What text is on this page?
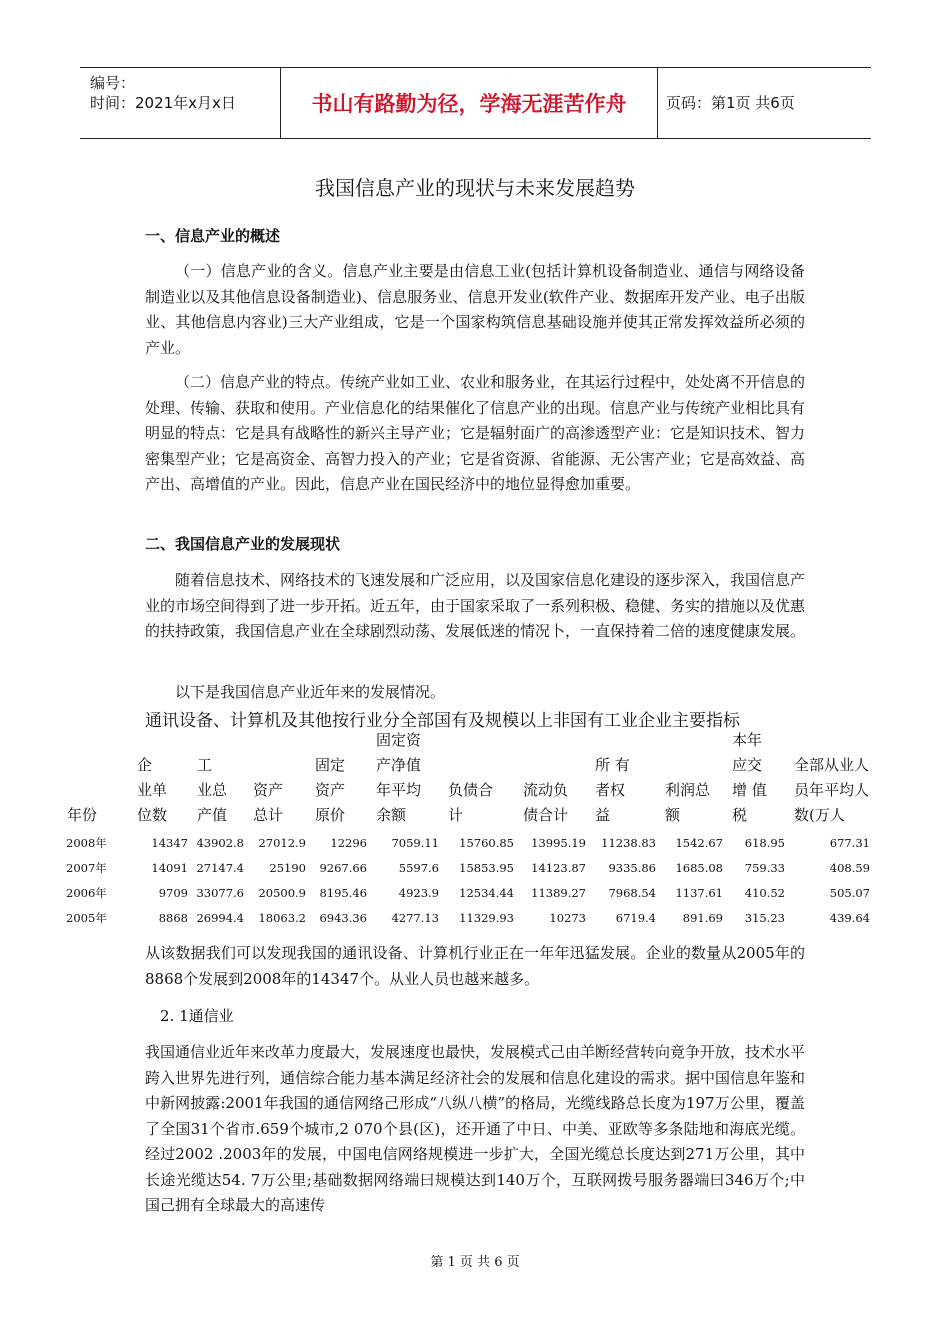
编号：
时间：2021年x月x日	书山有路勤为径，学海无涯苦作舟	页码：第1页 共6页
我国信息产业的现状与未来发展趋势
一、信息产业的概述
（一）信息产业的含义。信息产业主要是由信息工业(包括计算机设备制造业、通信与网络设备制造业以及其他信息设备制造业)、信息服务业、信息开发业(软件产业、数据库开发产业、电子出版业、其他信息内容业)三大产业组成，它是一个国家构筑信息基础设施并使其正常发挥效益所必须的产业。
（二）信息产业的特点。传统产业如工业、农业和服务业，在其运行过程中，处处离不开信息的处理、传输、获取和使用。产业信息化的结果催化了信息产业的出现。信息产业与传统产业相比具有明显的特点：它是具有战略性的新兴主导产业；它是辐射面广的高渗透型产业：它是知识技术、智力密集型产业；它是高资金、高智力投入的产业；它是省资源、省能源、无公害产业；它是高效益、高产出、高增值的产业。因此，信息产业在国民经济中的地位显得愈加重要。
二、我国信息产业的发展现状
随着信息技术、网络技术的飞速发展和广泛应用，以及国家信息化建设的逐步深入，我国信息产业的市场空间得到了进一步开拓。近五年，由于国家采取了一系列积极、稳健、务实的措施以及优惠的扶持政策，我国信息产业在全球剧烈动荡、发展低迷的情况卜，一直保持着二倍的速度健康发展。
以下是我国信息产业近年来的发展情况。
通讯设备、计算机及其他按行业分全部国有及规模以上非国有工业企业主要指标

年份	企
业单
位数	工
业总
产值	资产
总计	固定
资产
原价	固定资
产净值
年平均
余额	负债合
计	流动负
债合计	所 有
者权
益	利润总
额	本年
应交
增 值
税	全部从业人
员年平均人
数(万人
2008年	14347	43902.8	27012.9	12296	7059.11	15760.85	13995.19	11238.83	1542.67	618.95	677.31
2007年	14091	27147.4	25190	9267.66	5597.6	15853.95	14123.87	9335.86	1685.08	759.33	408.59
2006年	9709	33077.6	20500.9	8195.46	4923.9	12534.44	11389.27	7968.54	1137.61	410.52	505.07
2005年	8868	26994.4	18063.2	6943.36	4277.13	11329.93	10273	6719.4	891.69	315.23	439.64
从该数据我们可以发现我国的通讯设备、计算机行业正在一年年迅猛发展。企业的数量从2005年的8868个发展到2008年的14347个。从业人员也越来越多。
2. 1通信业
我国通信业近年来改革力度最大，发展速度也最快，发展模式己由羊断经营转向竟争开放，技术水平跨入世界先进行列，通信综合能力基本满足经济社会的发展和信息化建设的需求。据中国信息年鉴和中新网披露:2001年我国的通信网络己形成“八纵八横”的格局，光缆线路总长度为197万公里，覆盖了全国31个省市.659个城市,2 070个县(区)，还开通了中日、中美、亚欧等多条陆地和海底光缆。经过2002 .2003年的发展，中国电信网络规模进一步扩大，全国光缆总长度达到271万公里，其中长途光缆达54. 7万公里;基础数据网络端曰规模达到140万个，互联网拨号服务器端曰346万个;中国己拥有全球最大的高速传
第 1 页 共 6 页
